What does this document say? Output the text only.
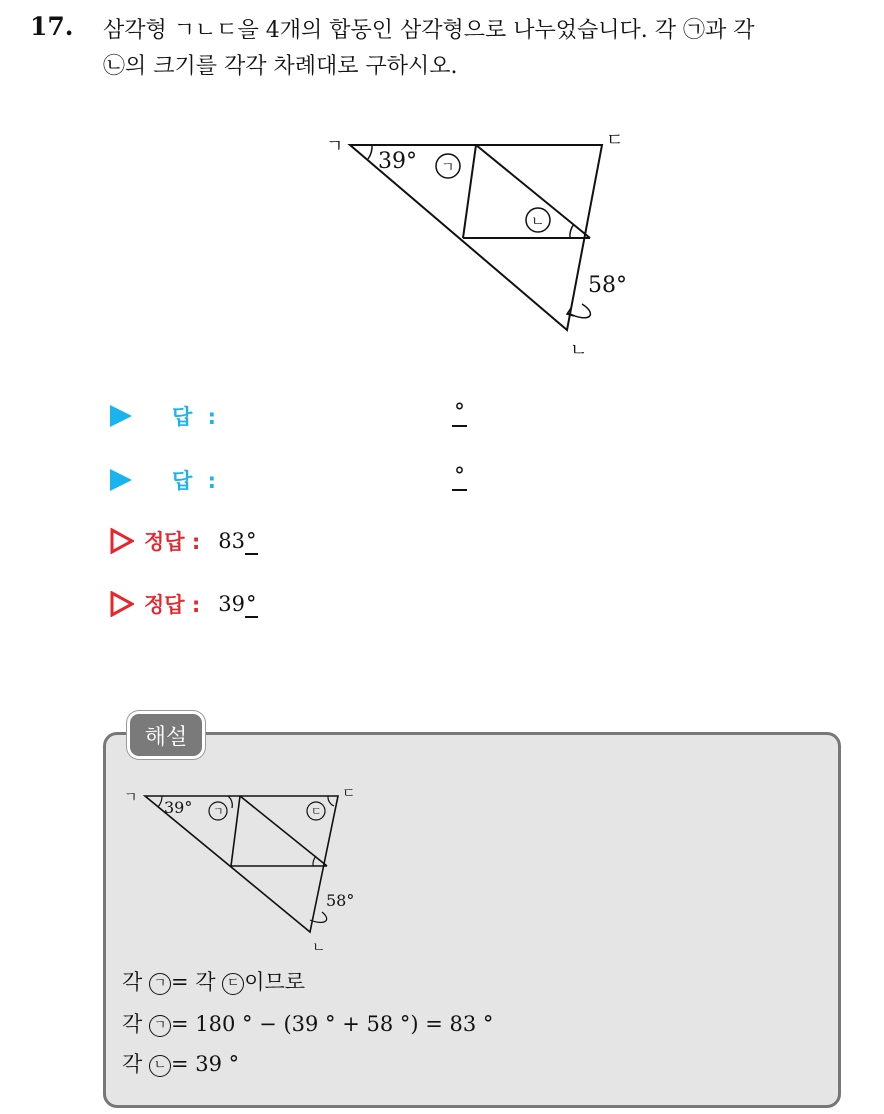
17. 삼각형 ㄱㄴㄷ을 4개의 합동인 삼각형으로 나누었습니다. 각 ㉠과 각
㉡의 크기를 각각 차례대로 구하시오.
ㄱ	ㄷ
ㄴ
39°
58°
ㄱ
ㄴ
답 :	°
답 :	°
정답 : 83°
정답 : 39°
해설
ㄱ	ㄷ
ㄴ
39°
58°
ㄱ	ㄷ
각 ㄱ = 각 ㄷ 이므로
각 ㄱ = 180 ° − (39 ° + 58 °) = 83 °
각 ㄴ = 39 °
